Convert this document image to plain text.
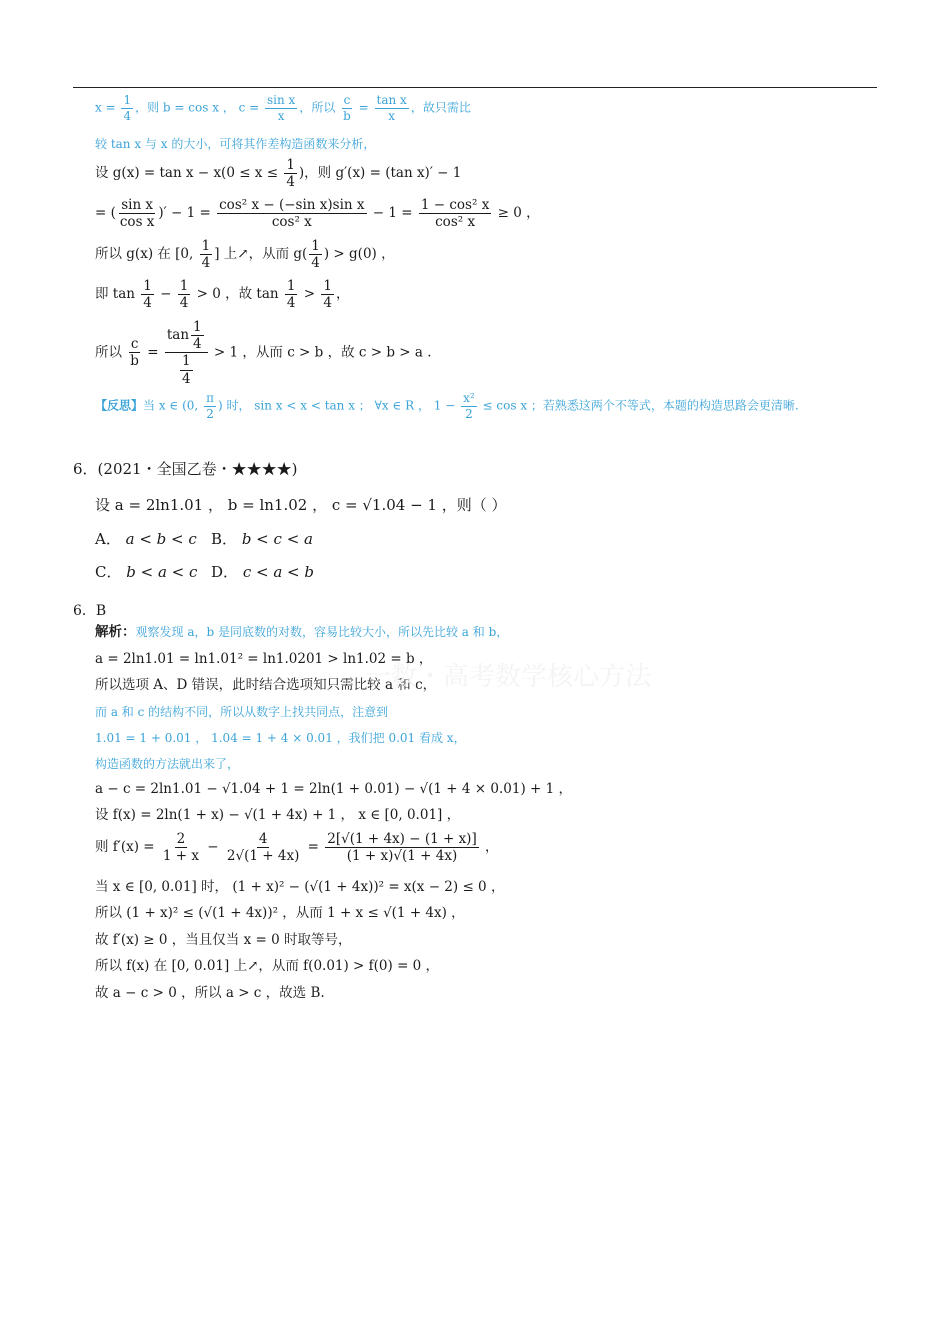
$x = \frac{1}{4}$ ，则 b = cos x ， $c = \frac{\text{sin x}}{x}$ ，所以 $\frac{c}{b} = \frac{\text{tan x}}{x}$ ，故只需比
较 tan x 与 x 的大小，可将其作差构造函数来分析，
设 $g(x) = \tan x - x(0 \le x \le \frac{1}{4}$ )，则 g′(x) = (tan x)′ − 1
= ( $\frac{\text{sin x}}{\text{cos x}}$ )′ − $1 = \frac{\text{cos² x − (−sin x)sin x}}{\text{cos² x}} - 1 = \frac{\text{1 − cos² x}}{\text{cos² x}} \ge 0$ ，
所以 g(x) 在 [0, $\frac{1}{4}$ ] 上↗，从而 $g( \frac{1}{4}$ ) > g(0) ，
即 $\tan \frac{1}{4} - \frac{1}{4} > 0$ ，故 $\tan \frac{1}{4} > \frac{1}{4}$ ，
所以 $\frac{c}{b} = \frac{\tan \frac{1}{4}}{\frac{1}{4}} > 1$ ，从而 c > b ，故 c > b > a .
【反思】当 x ∈ (0, $\frac{\pi}{2}$ ) 时， sin x < x < tan x ； ∀x ∈ R ， $1 - \frac{\text{x²}}{2} \le \cos x$ ；若熟悉这两个不等式，本题的构造思路会更清晰.
6．(2021・全国乙卷・★★★★)
设 a = 2ln1.01 ， b = ln1.02 ， c = √1.04 − 1 ，则（ ）
A． a < b < c B． b < c < a
C． b < a < c D． c < a < b
6．B
解析：观察发现 a，b 是同底数的对数，容易比较大小，所以先比较 a 和 b，
a = 2ln1.01 = ln1.01² = ln1.0201 > ln1.02 = b ，
所以选项 A、D 错误，此时结合选项知只需比较 a 和 c，
而 a 和 c 的结构不同，所以从数字上找共同点，注意到
1.01 = 1 + 0.01 ， 1.04 = 1 + 4 × 0.01 ，我们把 0.01 看成 x，
构造函数的方法就出来了，
a − c = 2ln1.01 − √1.04 + 1 = 2ln(1 + 0.01) − √(1 + 4 × 0.01) + 1 ，
设 f(x) = 2ln(1 + x) − √(1 + 4x) + 1 ， x ∈ [0, 0.01] ，
则 $f'(x) = \frac{2}{1 + x} - \frac{4}{2√(1 + 4x)} = \frac{2[√(1 + 4x) - (1 + x)]}{(1 + x)√(1 + 4x)}$ ，
当 x ∈ [0, 0.01] 时， (1 + x)² − (√(1 + 4x))² = x(x − 2) ≤ 0 ，
所以 (1 + x)² ≤ (√(1 + 4x))² ，从而 1 + x ≤ √(1 + 4x) ，
故 f′(x) ≥ 0 ，当且仅当 x = 0 时取等号，
所以 f(x) 在 [0, 0.01] 上↗，从而 f(0.01) > f(0) = 0 ，
故 a − c > 0 ，所以 a > c ，故选 B.
一数・高考数学核心方法
